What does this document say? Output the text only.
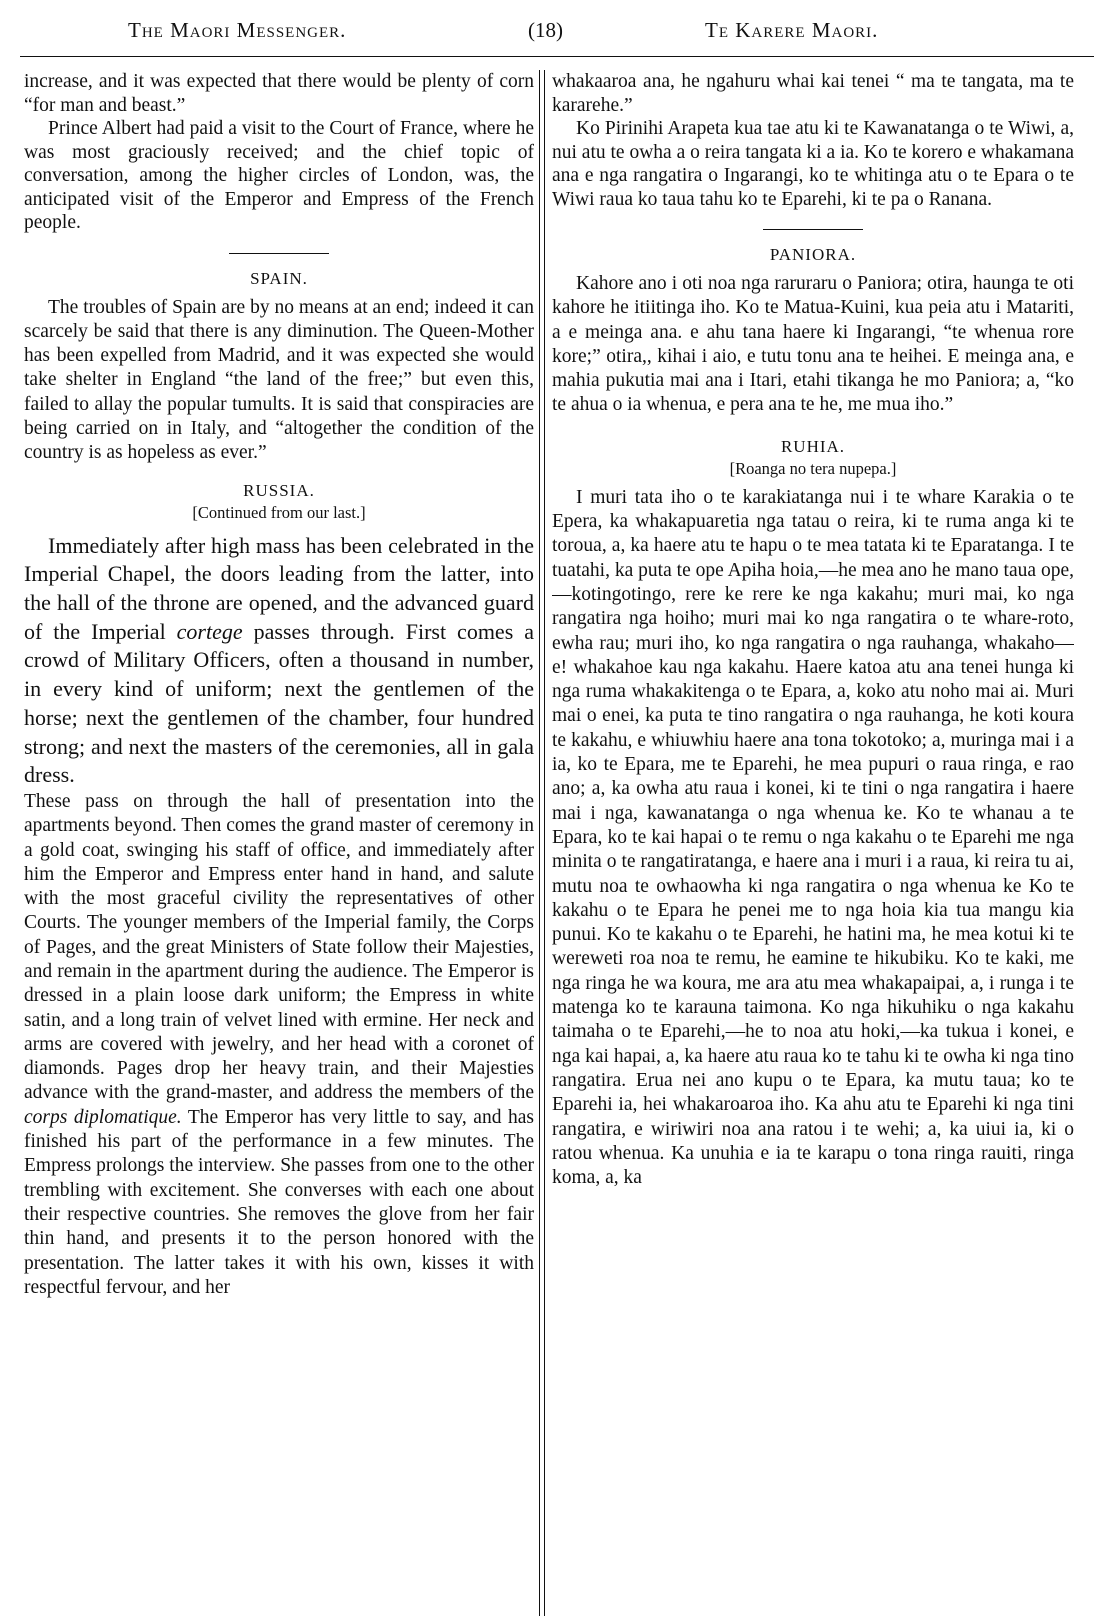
The Maori Messenger.	(18)	Te Karere Maori.

increase, and it was expected that there would be plenty of corn “for man and beast.”

Prince Albert had paid a visit to the Court of France, where he was most graciously received; and the chief topic of conversation, among the higher circles of London, was, the anticipated visit of the Emperor and Empress of the French people.

SPAIN.

The troubles of Spain are by no means at an end; indeed it can scarcely be said that there is any diminution. The Queen-Mother has been expelled from Madrid, and it was expected she would take shelter in England “the land of the free;” but even this, failed to allay the popular tumults. It is said that conspiracies are being carried on in Italy, and “altogether the condition of the country is as hopeless as ever.”

RUSSIA.
[Continued from our last.]

Immediately after high mass has been celebrated in the Imperial Chapel, the doors leading from the latter, into the hall of the throne are opened, and the advanced guard of the Imperial cortege passes through. First comes a crowd of Military Officers, often a thousand in number, in every kind of uniform; next the gentlemen of the horse; next the gentlemen of the chamber, four hundred strong; and next the masters of the ceremonies, all in gala dress.

These pass on through the hall of presentation into the apartments beyond. Then comes the grand master of ceremony in a gold coat, swinging his staff of office, and immediately after him the Emperor and Empress enter hand in hand, and salute with the most graceful civility the representatives of other Courts. The younger members of the Imperial family, the Corps of Pages, and the great Ministers of State follow their Majesties, and remain in the apartment during the audience. The Emperor is dressed in a plain loose dark uniform; the Empress in white satin, and a long train of velvet lined with ermine. Her neck and arms are covered with jewelry, and her head with a coronet of diamonds. Pages drop her heavy train, and their Majesties advance with the grand-master, and address the members of the corps diplomatique. The Emperor has very little to say, and has finished his part of the performance in a few minutes. The Empress prolongs the interview. She passes from one to the other trembling with excitement. She converses with each one about their respective countries. She removes the glove from her fair thin hand, and presents it to the person honored with the presentation. The latter takes it with his own, kisses it with respectful fervour, and her

whakaaroa ana, he ngahuru whai kai tenei “ ma te tangata, ma te kararehe.”

Ko Pirinihi Arapeta kua tae atu ki te Kawanatanga o te Wiwi, a, nui atu te owha a o reira tangata ki a ia. Ko te korero e whakamana ana e nga rangatira o Ingarangi, ko te whitinga atu o te Epara o te Wiwi raua ko taua tahu ko te Eparehi, ki te pa o Ranana.

PANIORA.

Kahore ano i oti noa nga raruraru o Paniora; otira, haunga te oti kahore he itiitinga iho. Ko te Matua-Kuini, kua peia atu i Matariti, a e meinga ana. e ahu tana haere ki Ingarangi, “te whenua rore kore;” otira,, kihai i aio, e tutu tonu ana te heihei. E meinga ana, e mahia pukutia mai ana i Itari, etahi tikanga he mo Paniora; a, “ko te ahua o ia whenua, e pera ana te he, me mua iho.”

RUHIA.
[Roanga no tera nupepa.]

I muri tata iho o te karakiatanga nui i te whare Karakia o te Epera, ka whakapuaretia nga tatau o reira, ki te ruma anga ki te toroua, a, ka haere atu te hapu o te mea tatata ki te Eparatanga. I te tuatahi, ka puta te ope Apiha hoia,—he mea ano he mano taua ope,—kotingotingo, rere ke rere ke nga kakahu; muri mai, ko nga rangatira nga hoiho; muri mai ko nga rangatira o te whare-roto, ewha rau; muri iho, ko nga rangatira o nga rauhanga, whakaho—e! whakahoe kau nga kakahu. Haere katoa atu ana tenei hunga ki nga ruma whakakitenga o te Epara, a, koko atu noho mai ai. Muri mai o enei, ka puta te tino rangatira o nga rauhanga, he koti koura te kakahu, e whiuwhiu haere ana tona tokotoko; a, muringa mai i a ia, ko te Epara, me te Eparehi, he mea pupuri o raua ringa, e rao ano; a, ka owha atu raua i konei, ki te tini o nga rangatira i haere mai i nga, kawanatanga o nga whenua ke. Ko te whanau a te Epara, ko te kai hapai o te remu o nga kakahu o te Eparehi me nga minita o te rangatiratanga, e haere ana i muri i a raua, ki reira tu ai, mutu noa te owhaowha ki nga rangatira o nga whenua ke Ko te kakahu o te Epara he penei me to nga hoia kia tua mangu kia punui. Ko te kakahu o te Eparehi, he hatini ma, he mea kotui ki te wereweti roa noa te remu, he eamine te hikubiku. Ko te kaki, me nga ringa he wa koura, me ara atu mea whakapaipai, a, i runga i te matenga ko te karauna taimona. Ko nga hikuhiku o nga kakahu taimaha o te Eparehi,—he to noa atu hoki,—ka tukua i konei, e nga kai hapai, a, ka haere atu raua ko te tahu ki te owha ki nga tino rangatira. Erua nei ano kupu o te Epara, ka mutu taua; ko te Eparehi ia, hei whakaroaroa iho. Ka ahu atu te Eparehi ki nga tini rangatira, e wiriwiri noa ana ratou i te wehi; a, ka uiui ia, ki o ratou whenua. Ka unuhia e ia te karapu o tona ringa rauiti, ringa koma, a, ka
